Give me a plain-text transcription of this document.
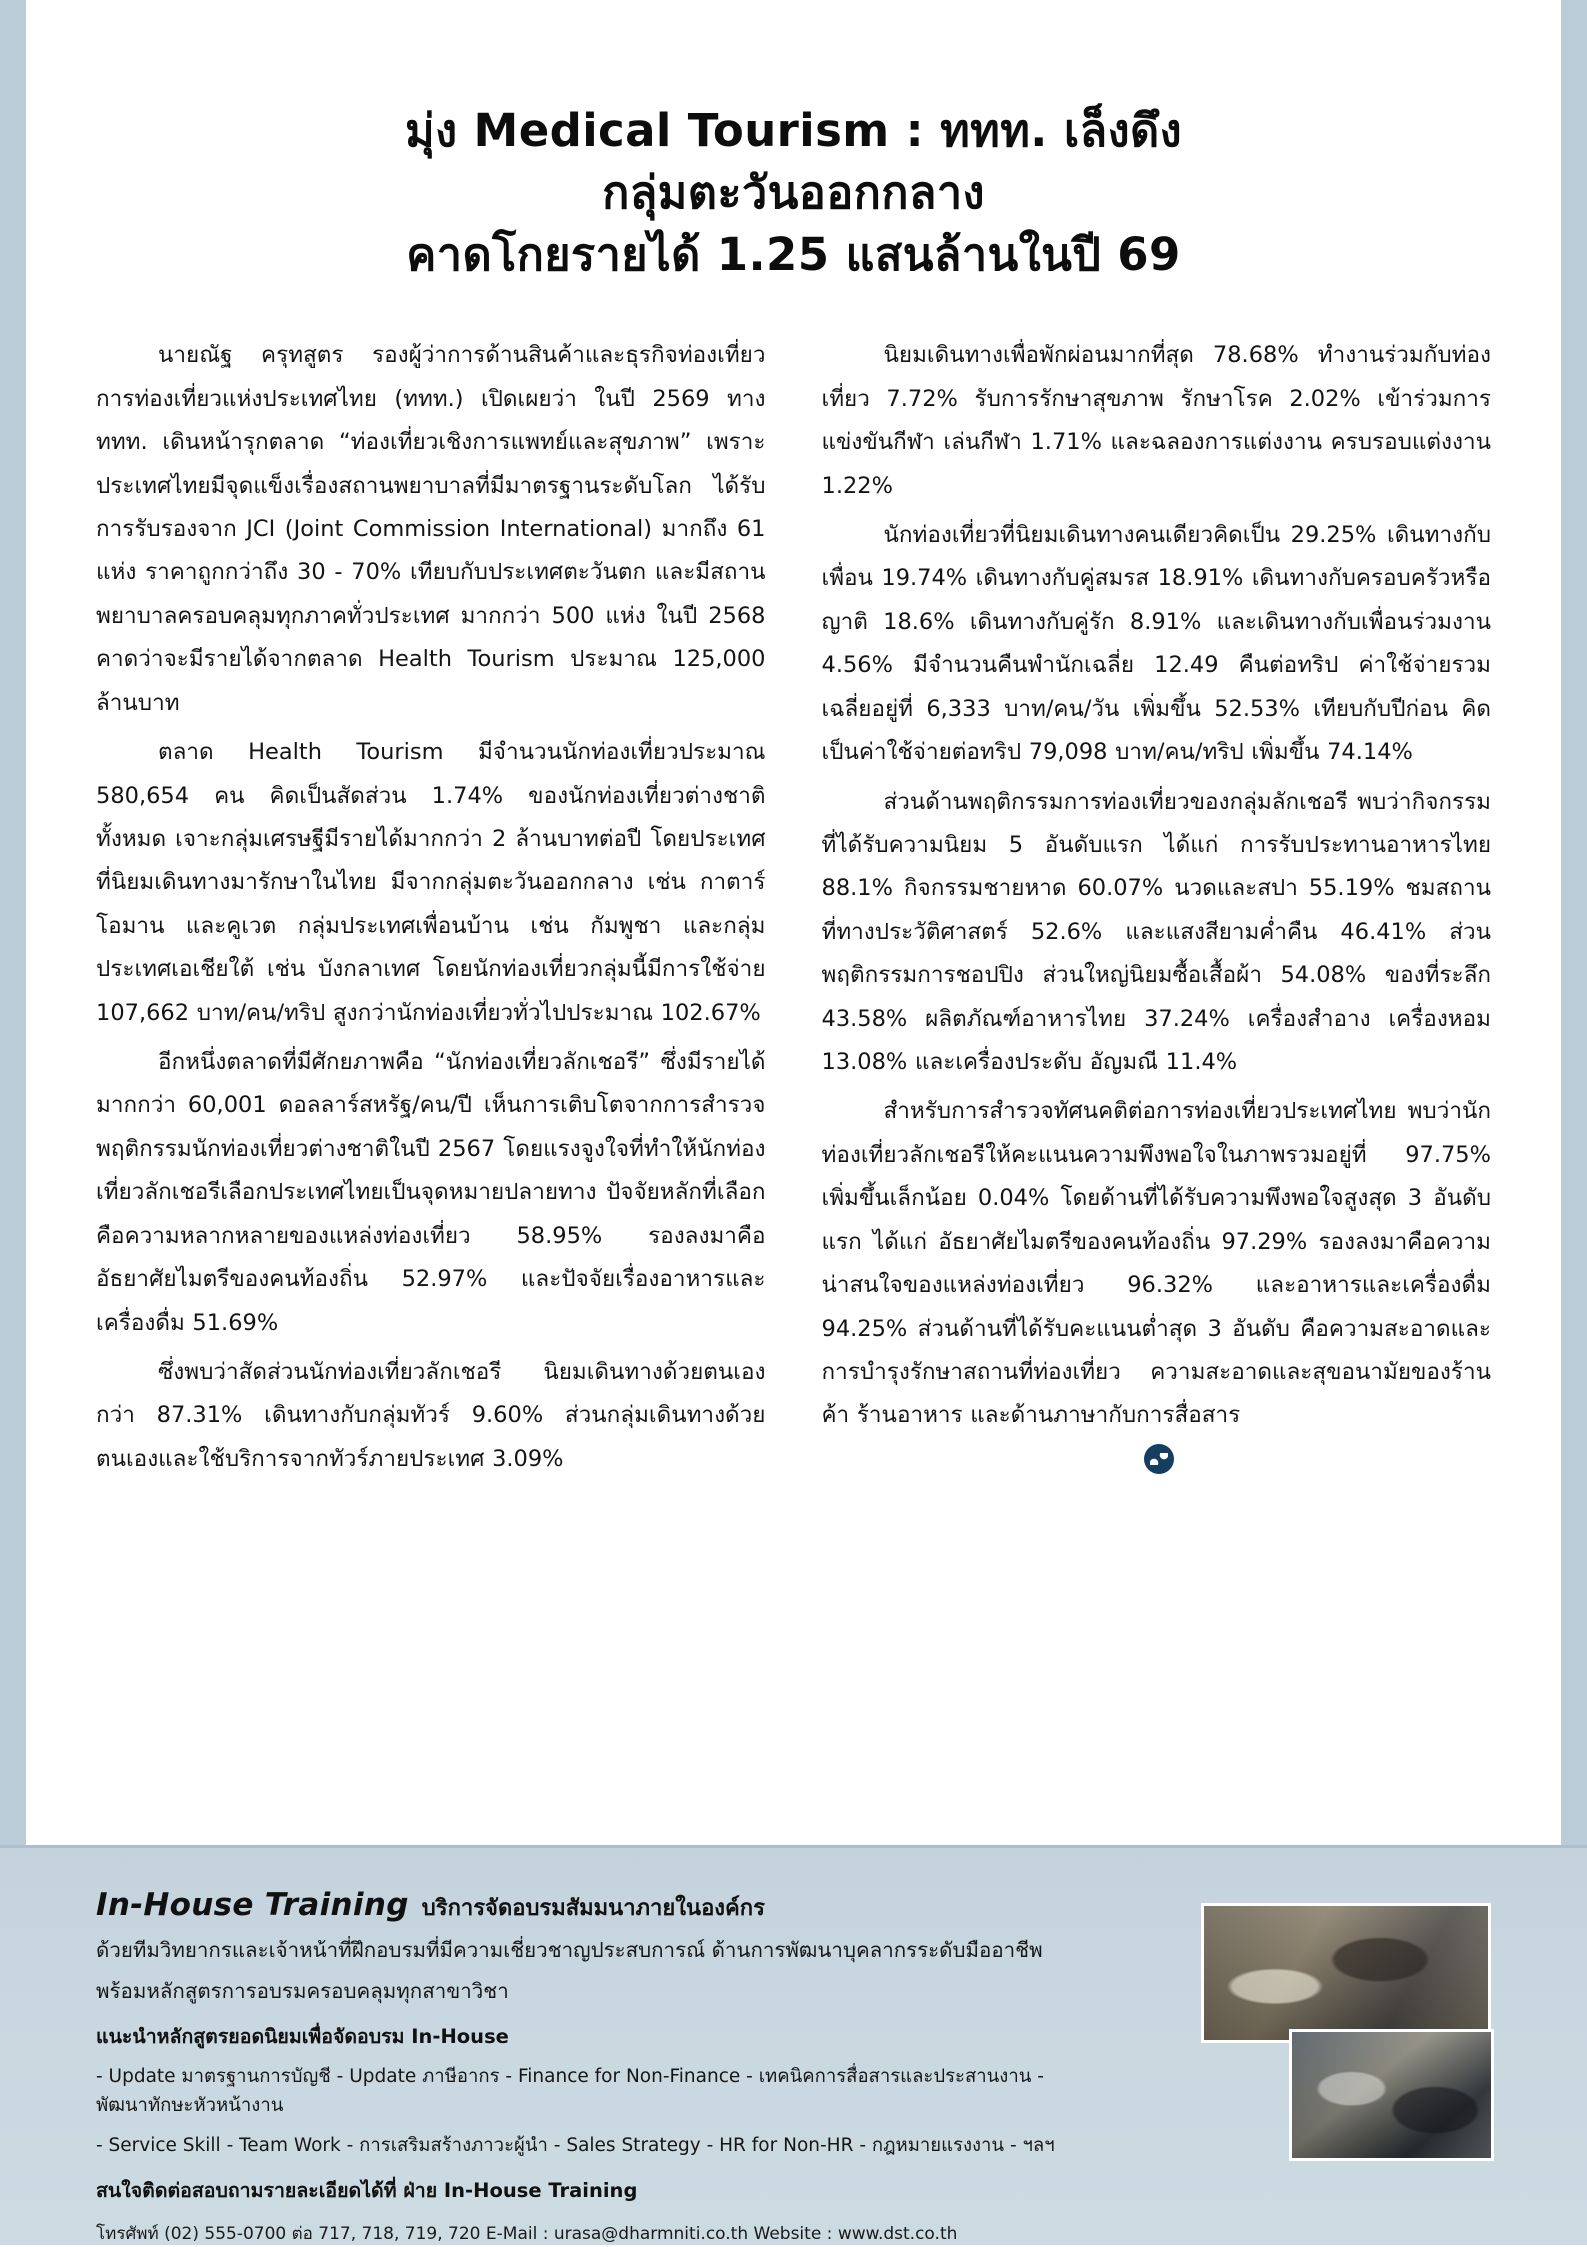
มุ่ง Medical Tourism : ททท. เล็งดึง
กลุ่มตะวันออกกลาง
คาดโกยรายได้ 1.25 แสนล้านในปี 69

นายณัฐ ครุทสูตร รองผู้ว่าการด้านสินค้าและธุรกิจท่องเที่ยว การท่องเที่ยวแห่งประเทศไทย (ททท.) เปิดเผยว่า ในปี 2569 ทาง ททท. เดินหน้ารุกตลาด “ท่องเที่ยวเชิงการแพทย์และสุขภาพ” เพราะประเทศไทยมีจุดแข็งเรื่องสถานพยาบาลที่มีมาตรฐานระดับโลก ได้รับการรับรองจาก JCI (Joint Commission International) มากถึง 61 แห่ง ราคาถูกกว่าถึง 30 - 70% เทียบกับประเทศตะวันตก และมีสถานพยาบาลครอบคลุมทุกภาคทั่วประเทศ มากกว่า 500 แห่ง ในปี 2568 คาดว่าจะมีรายได้จากตลาด Health Tourism ประมาณ 125,000 ล้านบาท

ตลาด Health Tourism มีจำนวนนักท่องเที่ยวประมาณ 580,654 คน คิดเป็นสัดส่วน 1.74% ของนักท่องเที่ยวต่างชาติทั้งหมด เจาะกลุ่มเศรษฐีมีรายได้มากกว่า 2 ล้านบาทต่อปี โดยประเทศที่นิยมเดินทางมารักษาในไทย มีจากกลุ่มตะวันออกกลาง เช่น กาตาร์ โอมาน และคูเวต กลุ่มประเทศเพื่อนบ้าน เช่น กัมพูชา และกลุ่มประเทศเอเชียใต้ เช่น บังกลาเทศ โดยนักท่องเที่ยวกลุ่มนี้มีการใช้จ่าย 107,662 บาท/คน/ทริป สูงกว่านักท่องเที่ยวทั่วไปประมาณ 102.67%

อีกหนึ่งตลาดที่มีศักยภาพคือ “นักท่องเที่ยวลักเชอรี” ซึ่งมีรายได้มากกว่า 60,001 ดอลลาร์สหรัฐ/คน/ปี เห็นการเติบโตจากการสำรวจพฤติกรรมนักท่องเที่ยวต่างชาติในปี 2567 โดยแรงจูงใจที่ทำให้นักท่องเที่ยวลักเชอรีเลือกประเทศไทยเป็นจุดหมายปลายทาง ปัจจัยหลักที่เลือกคือความหลากหลายของแหล่งท่องเที่ยว 58.95% รองลงมาคืออัธยาศัยไมตรีของคนท้องถิ่น 52.97% และปัจจัยเรื่องอาหารและเครื่องดื่ม 51.69%

ซึ่งพบว่าสัดส่วนนักท่องเที่ยวลักเชอรี นิยมเดินทางด้วยตนเองกว่า 87.31% เดินทางกับกลุ่มทัวร์ 9.60% ส่วนกลุ่มเดินทางด้วยตนเองและใช้บริการจากทัวร์ภายประเทศ 3.09%

นิยมเดินทางเพื่อพักผ่อนมากที่สุด 78.68% ทำงานร่วมกับท่องเที่ยว 7.72% รับการรักษาสุขภาพ รักษาโรค 2.02% เข้าร่วมการแข่งขันกีฬา เล่นกีฬา 1.71% และฉลองการแต่งงาน ครบรอบแต่งงาน 1.22%

นักท่องเที่ยวที่นิยมเดินทางคนเดียวคิดเป็น 29.25% เดินทางกับเพื่อน 19.74% เดินทางกับคู่สมรส 18.91% เดินทางกับครอบครัวหรือญาติ 18.6% เดินทางกับคู่รัก 8.91% และเดินทางกับเพื่อนร่วมงาน 4.56% มีจำนวนคืนพำนักเฉลี่ย 12.49 คืนต่อทริป ค่าใช้จ่ายรวมเฉลี่ยอยู่ที่ 6,333 บาท/คน/วัน เพิ่มขึ้น 52.53% เทียบกับปีก่อน คิดเป็นค่าใช้จ่ายต่อทริป 79,098 บาท/คน/ทริป เพิ่มขึ้น 74.14%

ส่วนด้านพฤติกรรมการท่องเที่ยวของกลุ่มลักเชอรี พบว่ากิจกรรมที่ได้รับความนิยม 5 อันดับแรก ได้แก่ การรับประทานอาหารไทย 88.1% กิจกรรมชายหาด 60.07% นวดและสปา 55.19% ชมสถานที่ทางประวัติศาสตร์ 52.6% และแสงสียามค่ำคืน 46.41% ส่วนพฤติกรรมการชอปปิง ส่วนใหญ่นิยมซื้อเสื้อผ้า 54.08% ของที่ระลึก 43.58% ผลิตภัณฑ์อาหารไทย 37.24% เครื่องสำอาง เครื่องหอม 13.08% และเครื่องประดับ อัญมณี 11.4%

สำหรับการสำรวจทัศนคติต่อการท่องเที่ยวประเทศไทย พบว่านักท่องเที่ยวลักเชอรีให้คะแนนความพึงพอใจในภาพรวมอยู่ที่ 97.75% เพิ่มขึ้นเล็กน้อย 0.04% โดยด้านที่ได้รับความพึงพอใจสูงสุด 3 อันดับแรก ได้แก่ อัธยาศัยไมตรีของคนท้องถิ่น 97.29% รองลงมาคือความน่าสนใจของแหล่งท่องเที่ยว 96.32% และอาหารและเครื่องดื่ม 94.25% ส่วนด้านที่ได้รับคะแนนต่ำสุด 3 อันดับ คือความสะอาดและการบำรุงรักษาสถานที่ท่องเที่ยว ความสะอาดและสุขอนามัยของร้านค้า ร้านอาหาร และด้านภาษากับการสื่อสาร

In-House Training บริการจัดอบรมสัมมนาภายในองค์กร
ด้วยทีมวิทยากรและเจ้าหน้าที่ฝึกอบรมที่มีความเชี่ยวชาญประสบการณ์ ด้านการพัฒนาบุคลากรระดับมืออาชีพ
พร้อมหลักสูตรการอบรมครอบคลุมทุกสาขาวิชา
แนะนำหลักสูตรยอดนิยมเพื่อจัดอบรม In-House
- Update มาตรฐานการบัญชี - Update ภาษีอากร - Finance for Non-Finance - เทคนิคการสื่อสารและประสานงาน - พัฒนาทักษะหัวหน้างาน
- Service Skill - Team Work - การเสริมสร้างภาวะผู้นำ - Sales Strategy - HR for Non-HR - กฎหมายแรงงาน - ฯลฯ
สนใจติดต่อสอบถามรายละเอียดได้ที่ ฝ่าย In-House Training
โทรศัพท์ (02) 555-0700 ต่อ 717, 718, 719, 720 E-Mail : urasa@dharmniti.co.th Website : www.dst.co.th
